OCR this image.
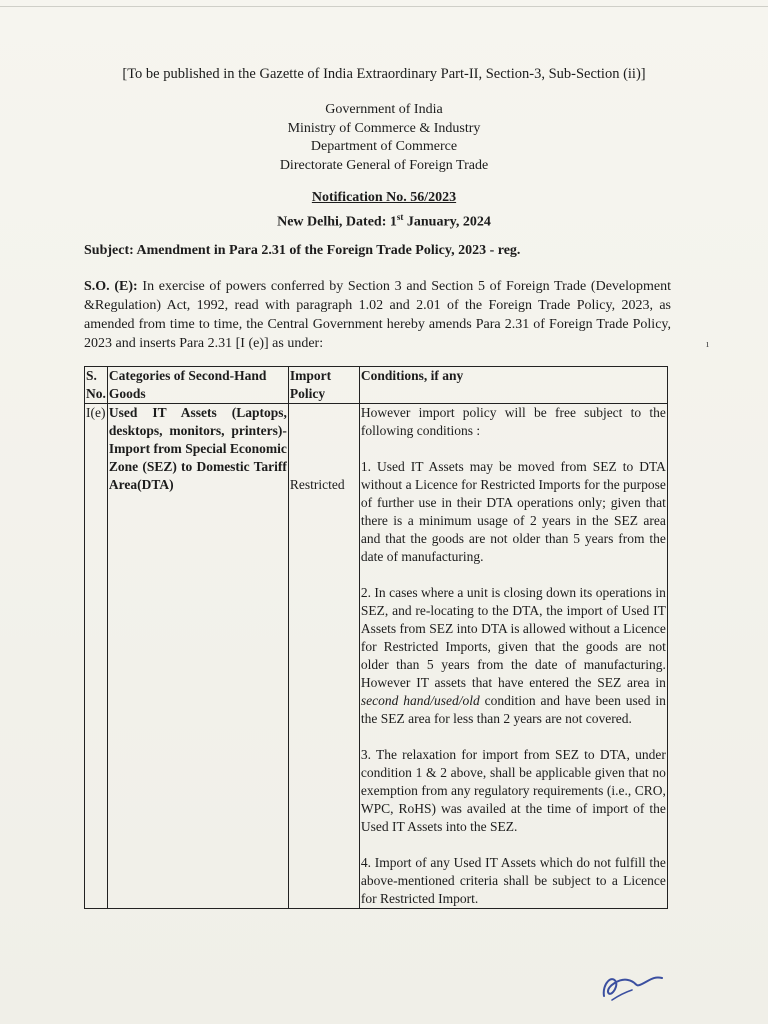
[To be published in the Gazette of India Extraordinary Part-II, Section-3, Sub-Section (ii)]
Government of India
Ministry of Commerce & Industry
Department of Commerce
Directorate General of Foreign Trade
Notification No. 56/2023
New Delhi, Dated: 1st January, 2024
Subject: Amendment in Para 2.31 of the Foreign Trade Policy, 2023 - reg.
S.O. (E): In exercise of powers conferred by Section 3 and Section 5 of Foreign Trade (Development &Regulation) Act, 1992, read with paragraph 1.02 and 2.01 of the Foreign Trade Policy, 2023, as amended from time to time, the Central Government hereby amends Para 2.31 of Foreign Trade Policy, 2023 and inserts Para 2.31 [I (e)] as under:	ı
S. No.	Categories of Second-Hand Goods	Import Policy	Conditions, if any
I(e)	Used IT Assets (Laptops, desktops, monitors, printers)- Import from Special Economic Zone (SEZ) to Domestic Tariff Area(DTA)	Restricted	However import policy will be free subject to the following conditions :

1. Used IT Assets may be moved from SEZ to DTA without a Licence for Restricted Imports for the purpose of further use in their DTA operations only; given that there is a minimum usage of 2 years in the SEZ area and that the goods are not older than 5 years from the date of manufacturing.

2. In cases where a unit is closing down its operations in SEZ, and re-locating to the DTA, the import of Used IT Assets from SEZ into DTA is allowed without a Licence for Restricted Imports, given that the goods are not older than 5 years from the date of manufacturing. However IT assets that have entered the SEZ area in second hand/used/old condition and have been used in the SEZ area for less than 2 years are not covered.

3. The relaxation for import from SEZ to DTA, under condition 1 & 2 above, shall be applicable given that no exemption from any regulatory requirements (i.e., CRO, WPC, RoHS) was availed at the time of import of the Used IT Assets into the SEZ.

4. Import of any Used IT Assets which do not fulfill the above-mentioned criteria shall be subject to a Licence for Restricted Import.
